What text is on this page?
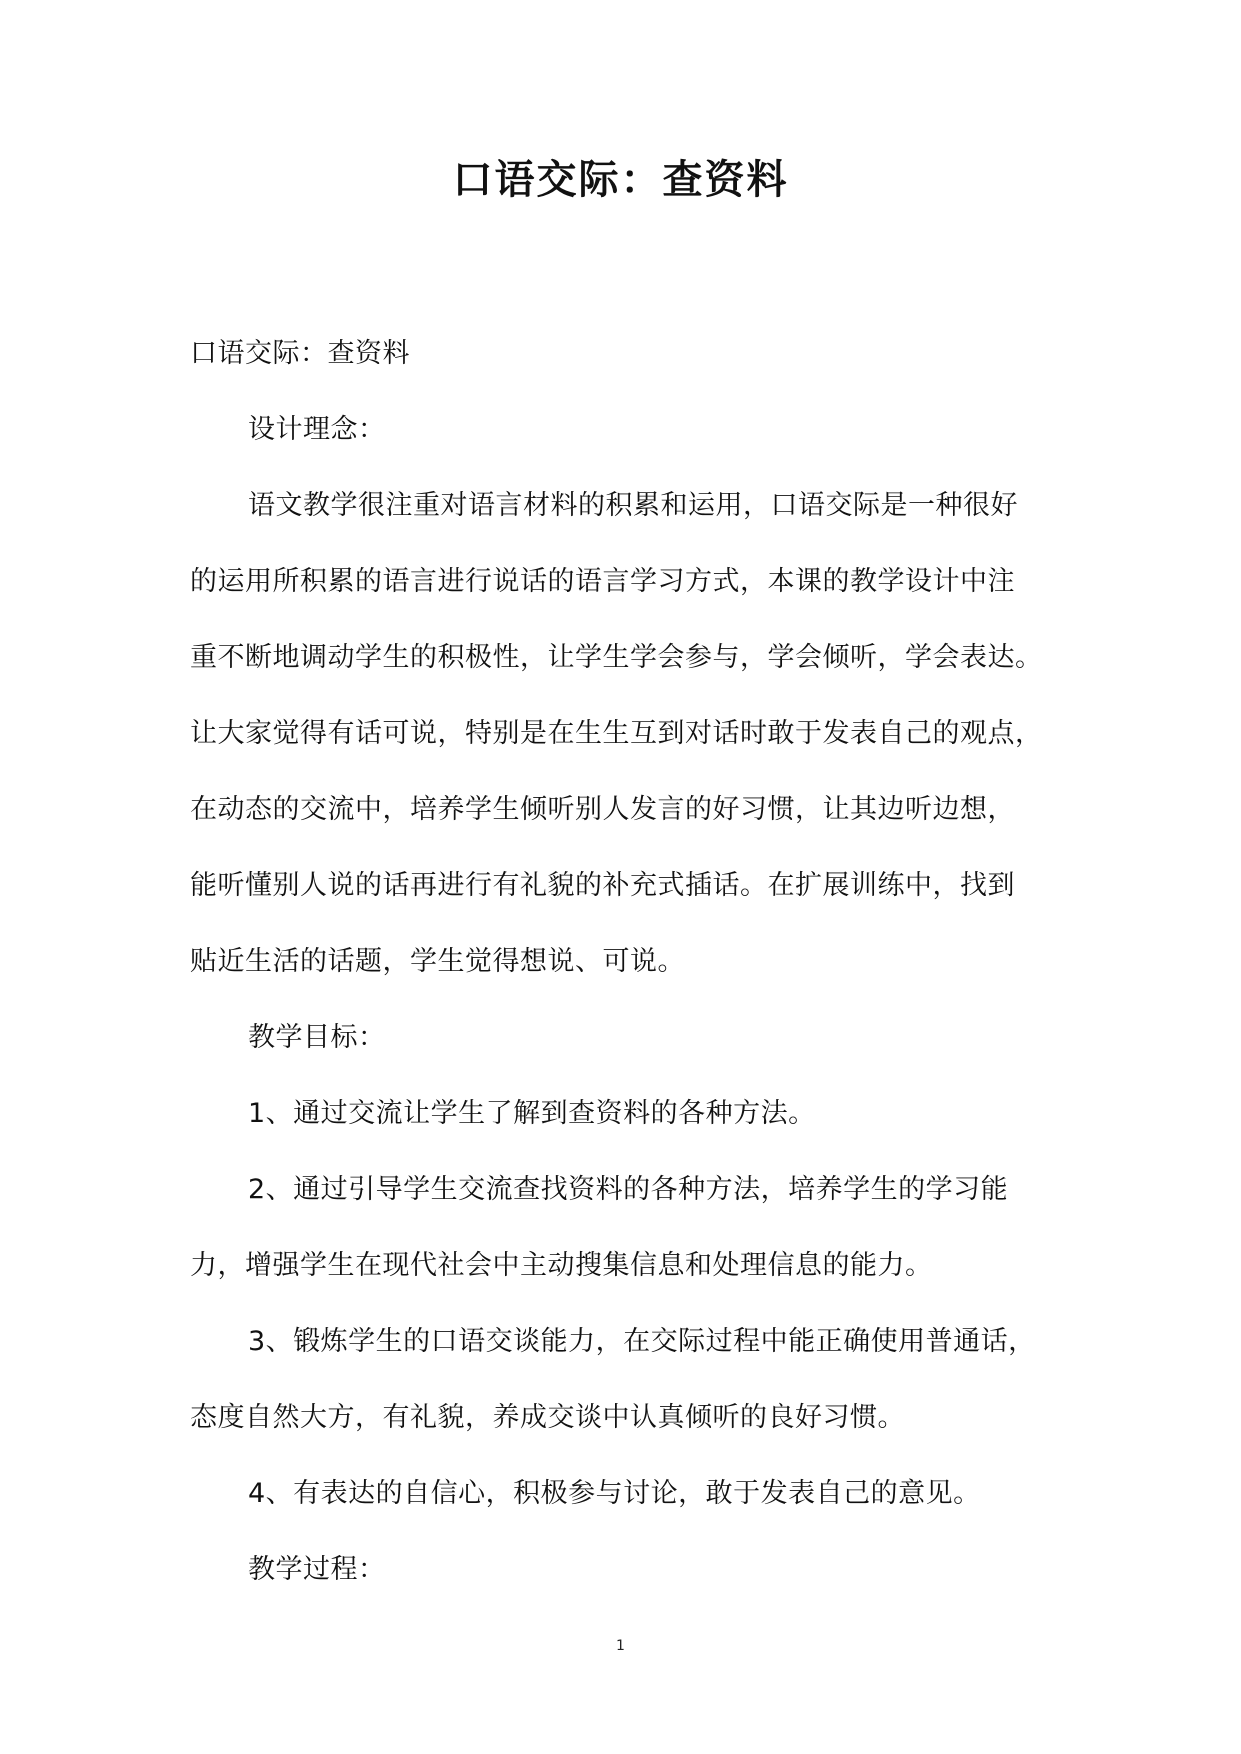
口语交际：查资料
口语交际：查资料
设计理念：
语文教学很注重对语言材料的积累和运用，口语交际是一种很好
的运用所积累的语言进行说话的语言学习方式，本课的教学设计中注
重不断地调动学生的积极性，让学生学会参与，学会倾听，学会表达。
让大家觉得有话可说，特别是在生生互到对话时敢于发表自己的观点，
在动态的交流中，培养学生倾听别人发言的好习惯，让其边听边想，
能听懂别人说的话再进行有礼貌的补充式插话。在扩展训练中，找到
贴近生活的话题，学生觉得想说、可说。
教学目标：
1、通过交流让学生了解到查资料的各种方法。
2、通过引导学生交流查找资料的各种方法，培养学生的学习能
力，增强学生在现代社会中主动搜集信息和处理信息的能力。
3、锻炼学生的口语交谈能力，在交际过程中能正确使用普通话，
态度自然大方，有礼貌，养成交谈中认真倾听的良好习惯。
4、有表达的自信心，积极参与讨论，敢于发表自己的意见。
教学过程：
1
